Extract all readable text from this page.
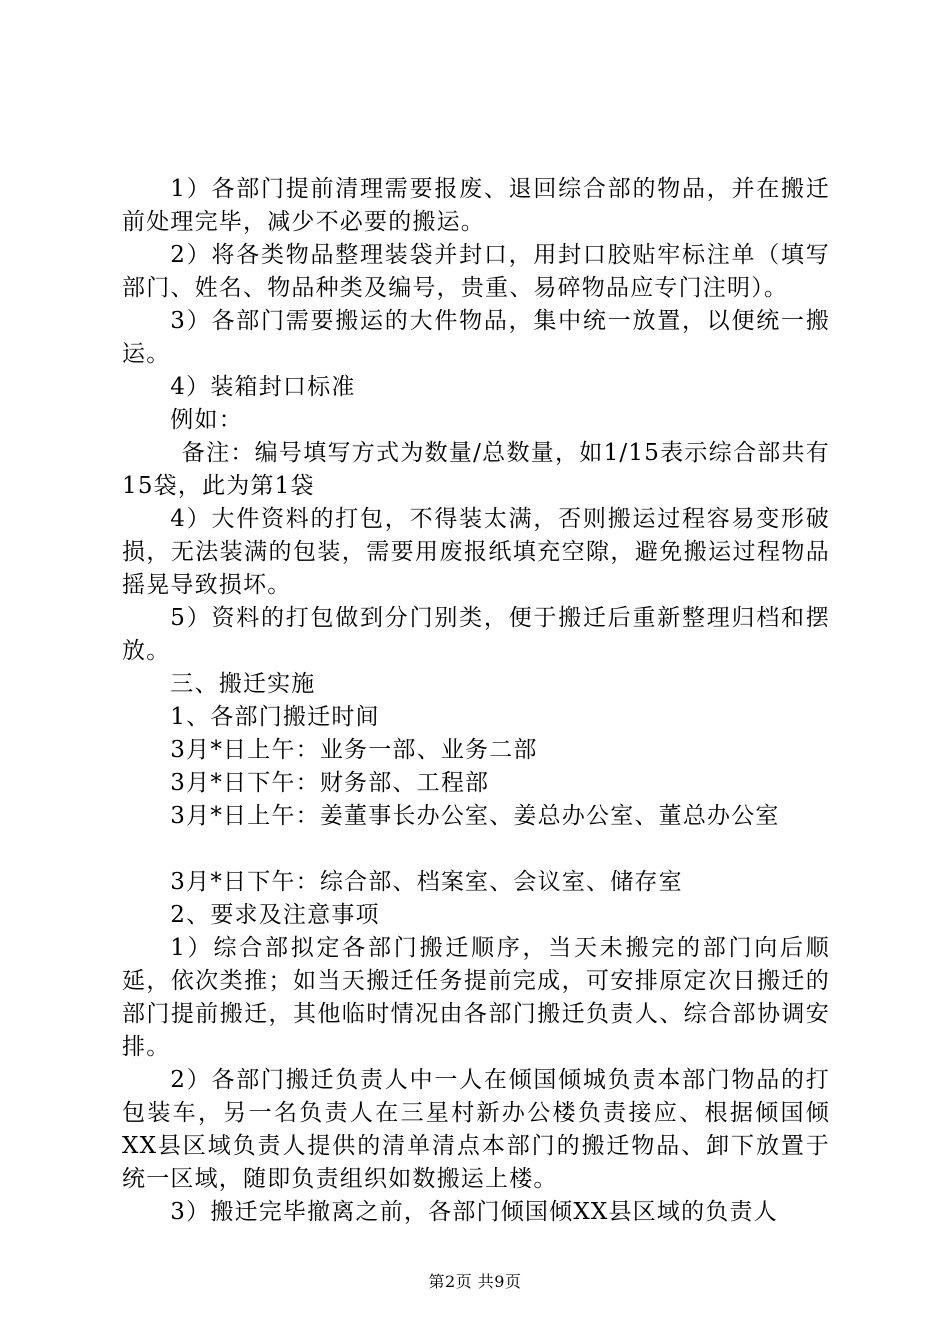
1）各部门提前清理需要报废、退回综合部的物品，并在搬迁前处理完毕，减少不必要的搬运。

2）将各类物品整理装袋并封口，用封口胶贴牢标注单（填写部门、姓名、物品种类及编号，贵重、易碎物品应专门注明）。

3）各部门需要搬运的大件物品，集中统一放置，以便统一搬运。

4）装箱封口标准

例如：

备注：编号填写方式为数量/总数量，如1/15表示综合部共有15袋，此为第1袋

4）大件资料的打包，不得装太满，否则搬运过程容易变形破损，无法装满的包装，需要用废报纸填充空隙，避免搬运过程物品摇晃导致损坏。

5）资料的打包做到分门别类，便于搬迁后重新整理归档和摆放。

三、搬迁实施

1、各部门搬迁时间

3月*日上午：业务一部、业务二部

3月*日下午：财务部、工程部

3月*日上午：姜董事长办公室、姜总办公室、董总办公室

3月*日下午：综合部、档案室、会议室、储存室

2、要求及注意事项

1）综合部拟定各部门搬迁顺序，当天未搬完的部门向后顺延，依次类推；如当天搬迁任务提前完成，可安排原定次日搬迁的部门提前搬迁，其他临时情况由各部门搬迁负责人、综合部协调安排。

2）各部门搬迁负责人中一人在倾国倾城负责本部门物品的打包装车，另一名负责人在三星村新办公楼负责接应、根据倾国倾XX县区域负责人提供的清单清点本部门的搬迁物品、卸下放置于统一区域，随即负责组织如数搬运上楼。

3）搬迁完毕撤离之前，各部门倾国倾XX县区域的负责人

第2页 共9页
